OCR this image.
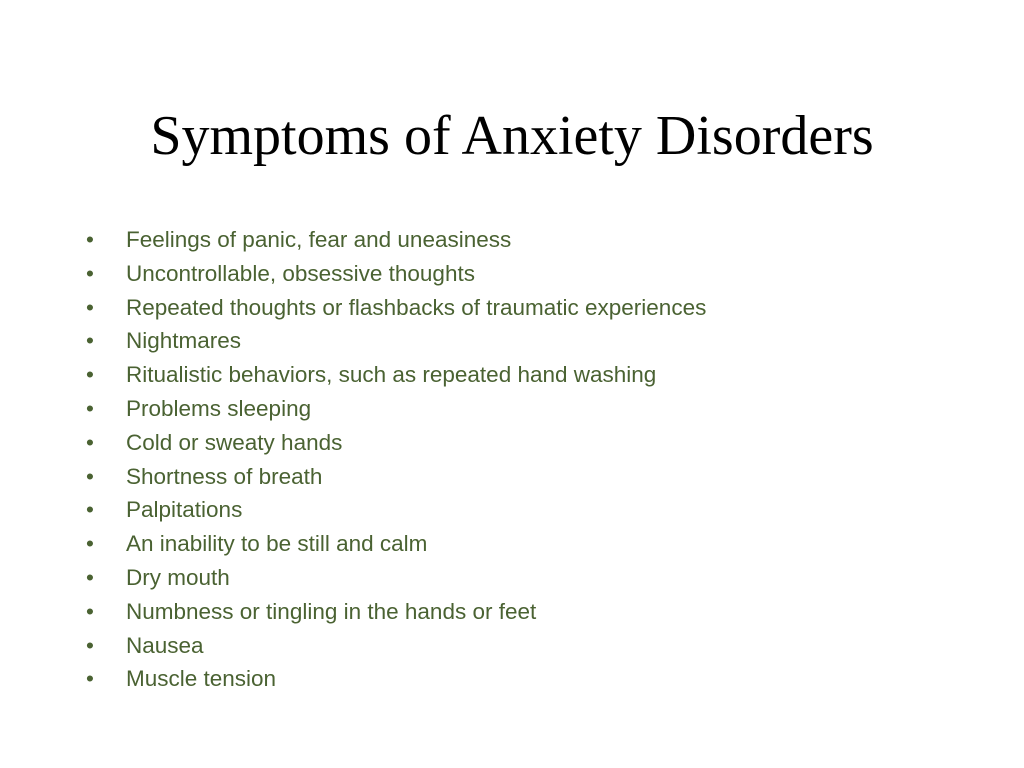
Symptoms of Anxiety Disorders
•	Feelings of panic, fear and uneasiness
•	Uncontrollable, obsessive thoughts
•	Repeated thoughts or flashbacks of traumatic experiences
•	Nightmares
•	Ritualistic behaviors, such as repeated hand washing
•	Problems sleeping
•	Cold or sweaty hands
•	Shortness of breath
•	Palpitations
•	An inability to be still and calm
•	Dry mouth
•	Numbness or tingling in the hands or feet
•	Nausea
•	Muscle tension
